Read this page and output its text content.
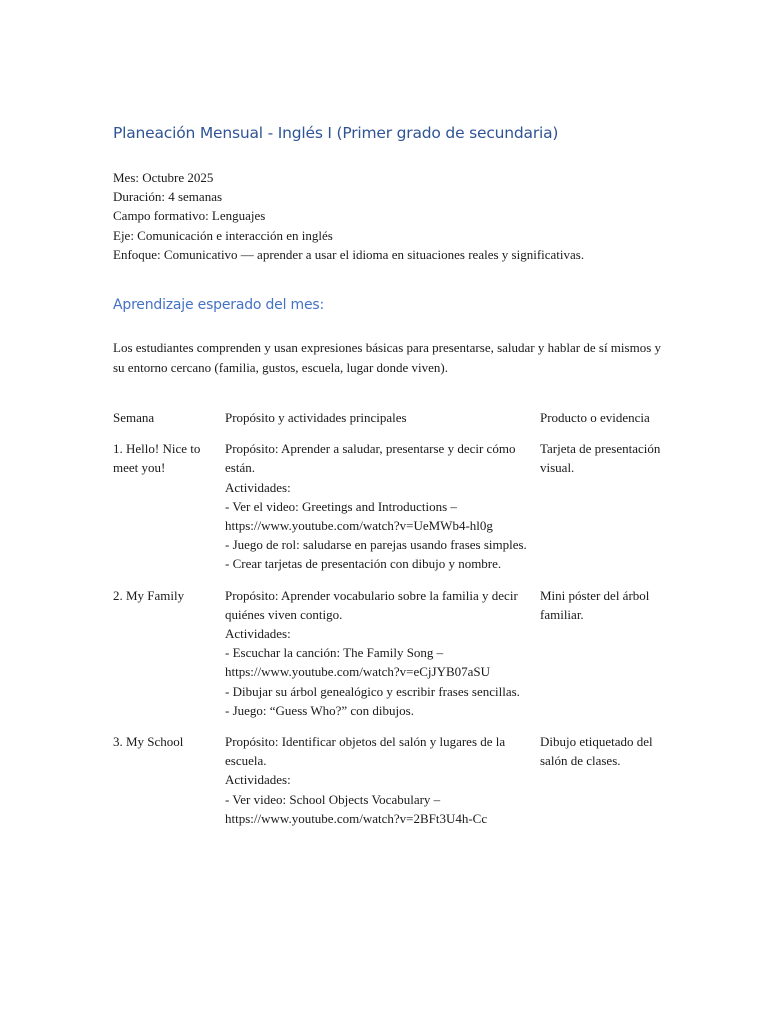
Planeación Mensual - Inglés I (Primer grado de secundaria)
Mes: Octubre 2025
Duración: 4 semanas
Campo formativo: Lenguajes
Eje: Comunicación e interacción en inglés
Enfoque: Comunicativo — aprender a usar el idioma en situaciones reales y significativas.
Aprendizaje esperado del mes:
Los estudiantes comprenden y usan expresiones básicas para presentarse, saludar y hablar de sí mismos y su entorno cercano (familia, gustos, escuela, lugar donde viven).
Semana	Propósito y actividades principales	Producto o evidencia

1. Hello! Nice to meet you!	Propósito: Aprender a saludar, presentarse y decir cómo están.
Actividades:
- Ver el video: Greetings and Introductions – https://www.youtube.com/watch?v=UeMWb4-hl0g
- Juego de rol: saludarse en parejas usando frases simples.
- Crear tarjetas de presentación con dibujo y nombre.	Tarjeta de presentación visual.

2. My Family	Propósito: Aprender vocabulario sobre la familia y decir quiénes viven contigo.
Actividades:
- Escuchar la canción: The Family Song – https://www.youtube.com/watch?v=eCjJYB07aSU
- Dibujar su árbol genealógico y escribir frases sencillas.
- Juego: “Guess Who?” con dibujos.	Mini póster del árbol familiar.

3. My School	Propósito: Identificar objetos del salón y lugares de la escuela.
Actividades:
- Ver video: School Objects Vocabulary – https://www.youtube.com/watch?v=2BFt3U4h-Cc	Dibujo etiquetado del salón de clases.
